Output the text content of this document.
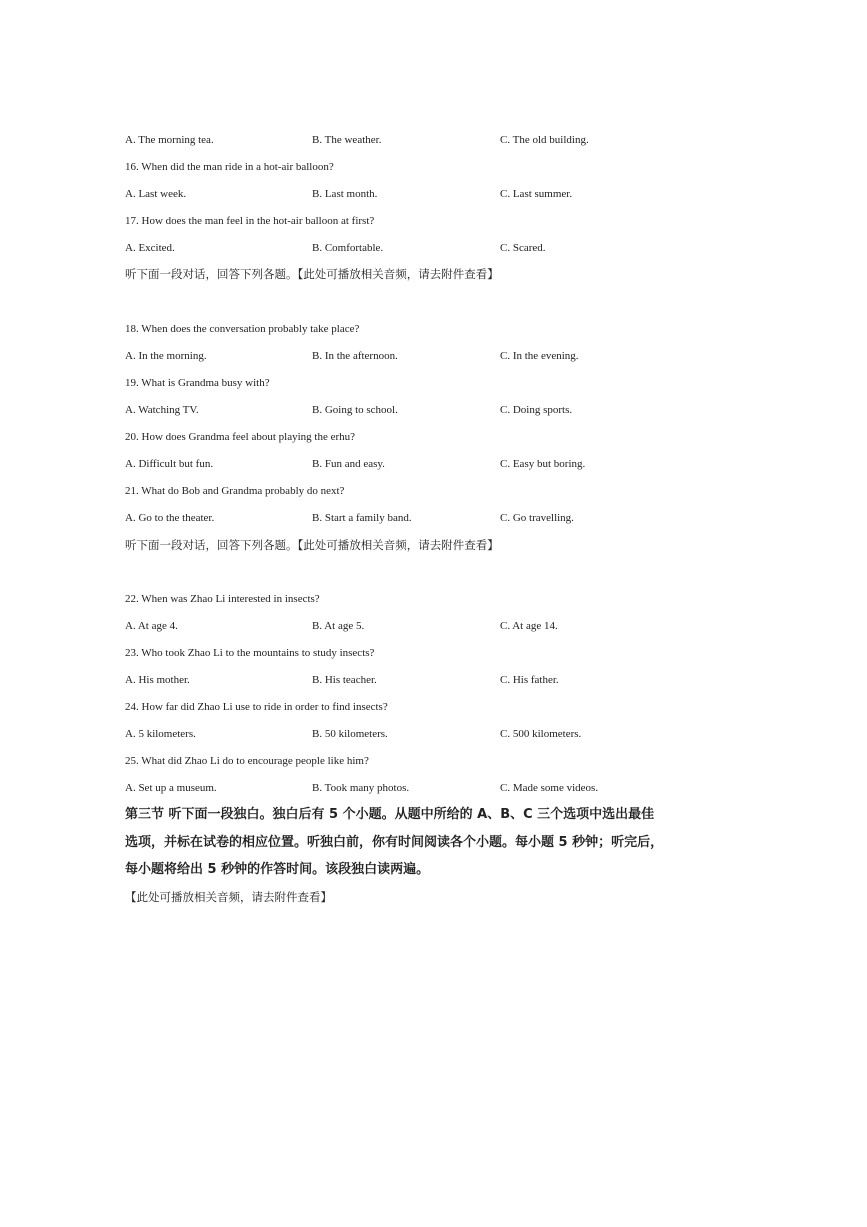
A. The morning tea.	B. The weather.	C. The old building.
16. When did the man ride in a hot-air balloon?
A. Last week.	B. Last month.	C. Last summer.
17. How does the man feel in the hot-air balloon at first?
A. Excited.	B. Comfortable.	C. Scared.
听下面一段对话，回答下列各题。【此处可播放相关音频，请去附件查看】
18. When does the conversation probably take place?
A. In the morning.	B. In the afternoon.	C. In the evening.
19. What is Grandma busy with?
A. Watching TV.	B. Going to school.	C. Doing sports.
20. How does Grandma feel about playing the erhu?
A. Difficult but fun.	B. Fun and easy.	C. Easy but boring.
21. What do Bob and Grandma probably do next?
A. Go to the theater.	B. Start a family band.	C. Go travelling.
听下面一段对话，回答下列各题。【此处可播放相关音频，请去附件查看】
22. When was Zhao Li interested in insects?
A. At age 4.	B. At age 5.	C. At age 14.
23. Who took Zhao Li to the mountains to study insects?
A. His mother.	B. His teacher.	C. His father.
24. How far did Zhao Li use to ride in order to find insects?
A. 5 kilometers.	B. 50 kilometers.	C. 500 kilometers.
25. What did Zhao Li do to encourage people like him?
A. Set up a museum.	B. Took many photos.	C. Made some videos.
第三节 听下面一段独白。独白后有 5 个小题。从题中所给的 A、B、C 三个选项中选出最佳
选项，并标在试卷的相应位置。听独白前，你有时间阅读各个小题。每小题 5 秒钟；听完后，
每小题将给出 5 秒钟的作答时间。该段独白读两遍。
【此处可播放相关音频，请去附件查看】
